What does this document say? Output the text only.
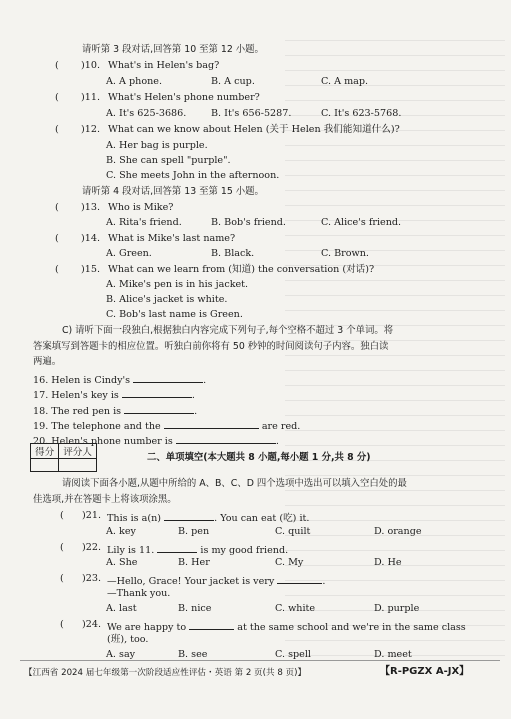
请听第 3 段对话,回答第 10 至第 12 小题。
( )10. What's in Helen's bag?
A. A phone.	B. A cup.	C. A map.
( )11. What's Helen's phone number?
A. It's 625-3686.	B. It's 656-5287.	C. It's 623-5768.
( )12. What can we know about Helen (关于 Helen 我们能知道什么)?
A. Her bag is purple.
B. She can spell "purple".
C. She meets John in the afternoon.
请听第 4 段对话,回答第 13 至第 15 小题。
( )13. Who is Mike?
A. Rita's friend.	B. Bob's friend.	C. Alice's friend.
( )14. What is Mike's last name?
A. Green.	B. Black.	C. Brown.
( )15. What can we learn from (知道) the conversation (对话)?
A. Mike's pen is in his jacket.
B. Alice's jacket is white.
C. Bob's last name is Green.
C) 请听下面一段独白,根据独白内容完成下列句子,每个空格不超过 3 个单词。将
答案填写到答题卡的相应位置。听独白前你将有 50 秒钟的时间阅读句子内容。独白读
两遍。
16. Helen is Cindy's	.
17. Helen's key is	.
18. The red pen is	.
19. The telephone and the	are red.
20. Helen's phone number is	.
得分	评分人
		二、单项填空(本大题共 8 小题,每小题 1 分,共 8 分)
请阅读下面各小题,从题中所给的 A、B、C、D 四个选项中选出可以填入空白处的最
佳选项,并在答题卡上将该项涂黑。
( )21. This is a(n)	. You can eat (吃) it.
A. key	B. pen	C. quilt	D. orange
( )22. Lily is 11.	is my good friend.
A. She	B. Her	C. My	D. He
( )23. —Hello, Grace! Your jacket is very	.
—Thank you.
A. last	B. nice	C. white	D. purple
( )24. We are happy to	at the same school and we're in the same class
(班), too.
A. say	B. see	C. spell	D. meet
【江西省 2024 届七年级第一次阶段适应性评估・英语 第 2 页(共 8 页)】	【R-PGZX A-JX】
